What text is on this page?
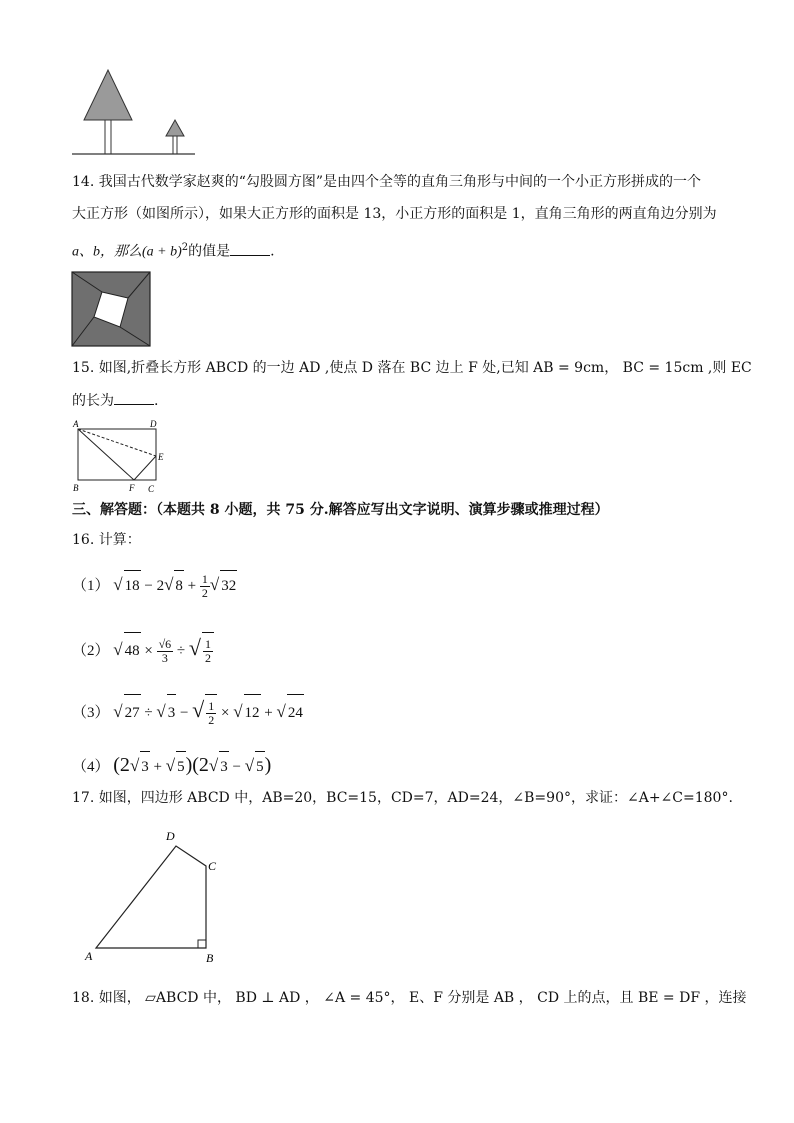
14. 我国古代数学家赵爽的“勾股圆方图”是由四个全等的直角三角形与中间的一个小正方形拼成的一个
大正方形（如图所示），如果大正方形的面积是 13，小正方形的面积是 1，直角三角形的两直角边分别为
a、b，那么$(a + b)^2$的值是	.
15. 如图,折叠长方形 ABCD 的一边 AD ,使点 D 落在 BC 边上 F 处,已知 AB = 9cm， BC = 15cm ,则 EC
的长为	.
A	D
E
B	F C
三、解答题：（本题共 8 小题，共 75 分.解答应写出文字说明、演算步骤或推理过程）
16. 计算：
（1） √ 18 − 2√ $8 + \frac{1}{2}$ √ 32
（2） √ $48 \times \frac{√6}{3}$ ÷ √ $\frac{1}{2}$
（3） √ 27 ÷ √ 3 − √ $\frac{1}{2}$ × √ 12 + √ 24
（4） (2√ 3 + √ 5)(2√ 3 − √ 5)
17. 如图，四边形 ABCD 中，AB=20，BC=15，CD=7，AD=24，∠B=90°，求证：∠A+∠C=180°.
A	B
C
D
18. 如图， ▱ABCD 中， BD ⊥ AD ， ∠A = 45°， E、F 分别是 AB ， CD 上的点，且 BE = DF ，连接
